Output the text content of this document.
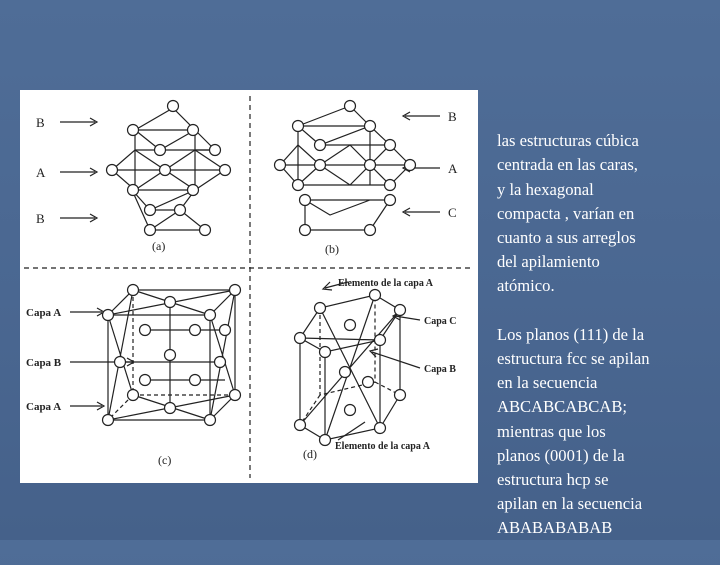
B
A
B
(a)
B
A
C
(b)
Capa A
Capa B
Capa A
(c)
Elemento de la capa A
Capa C
Capa B
Elemento de la capa A
(d)

las estructuras cúbica
centrada en las caras,
y la hexagonal
compacta , varían en
cuanto a sus arreglos
del apilamiento
atómico.

Los planos (111) de la
estructura fcc se apilan
en la secuencia
ABCABCABCAB;
mientras que los
planos (0001) de la
estructura hcp se
apilan en la secuencia
ABABABABAB
